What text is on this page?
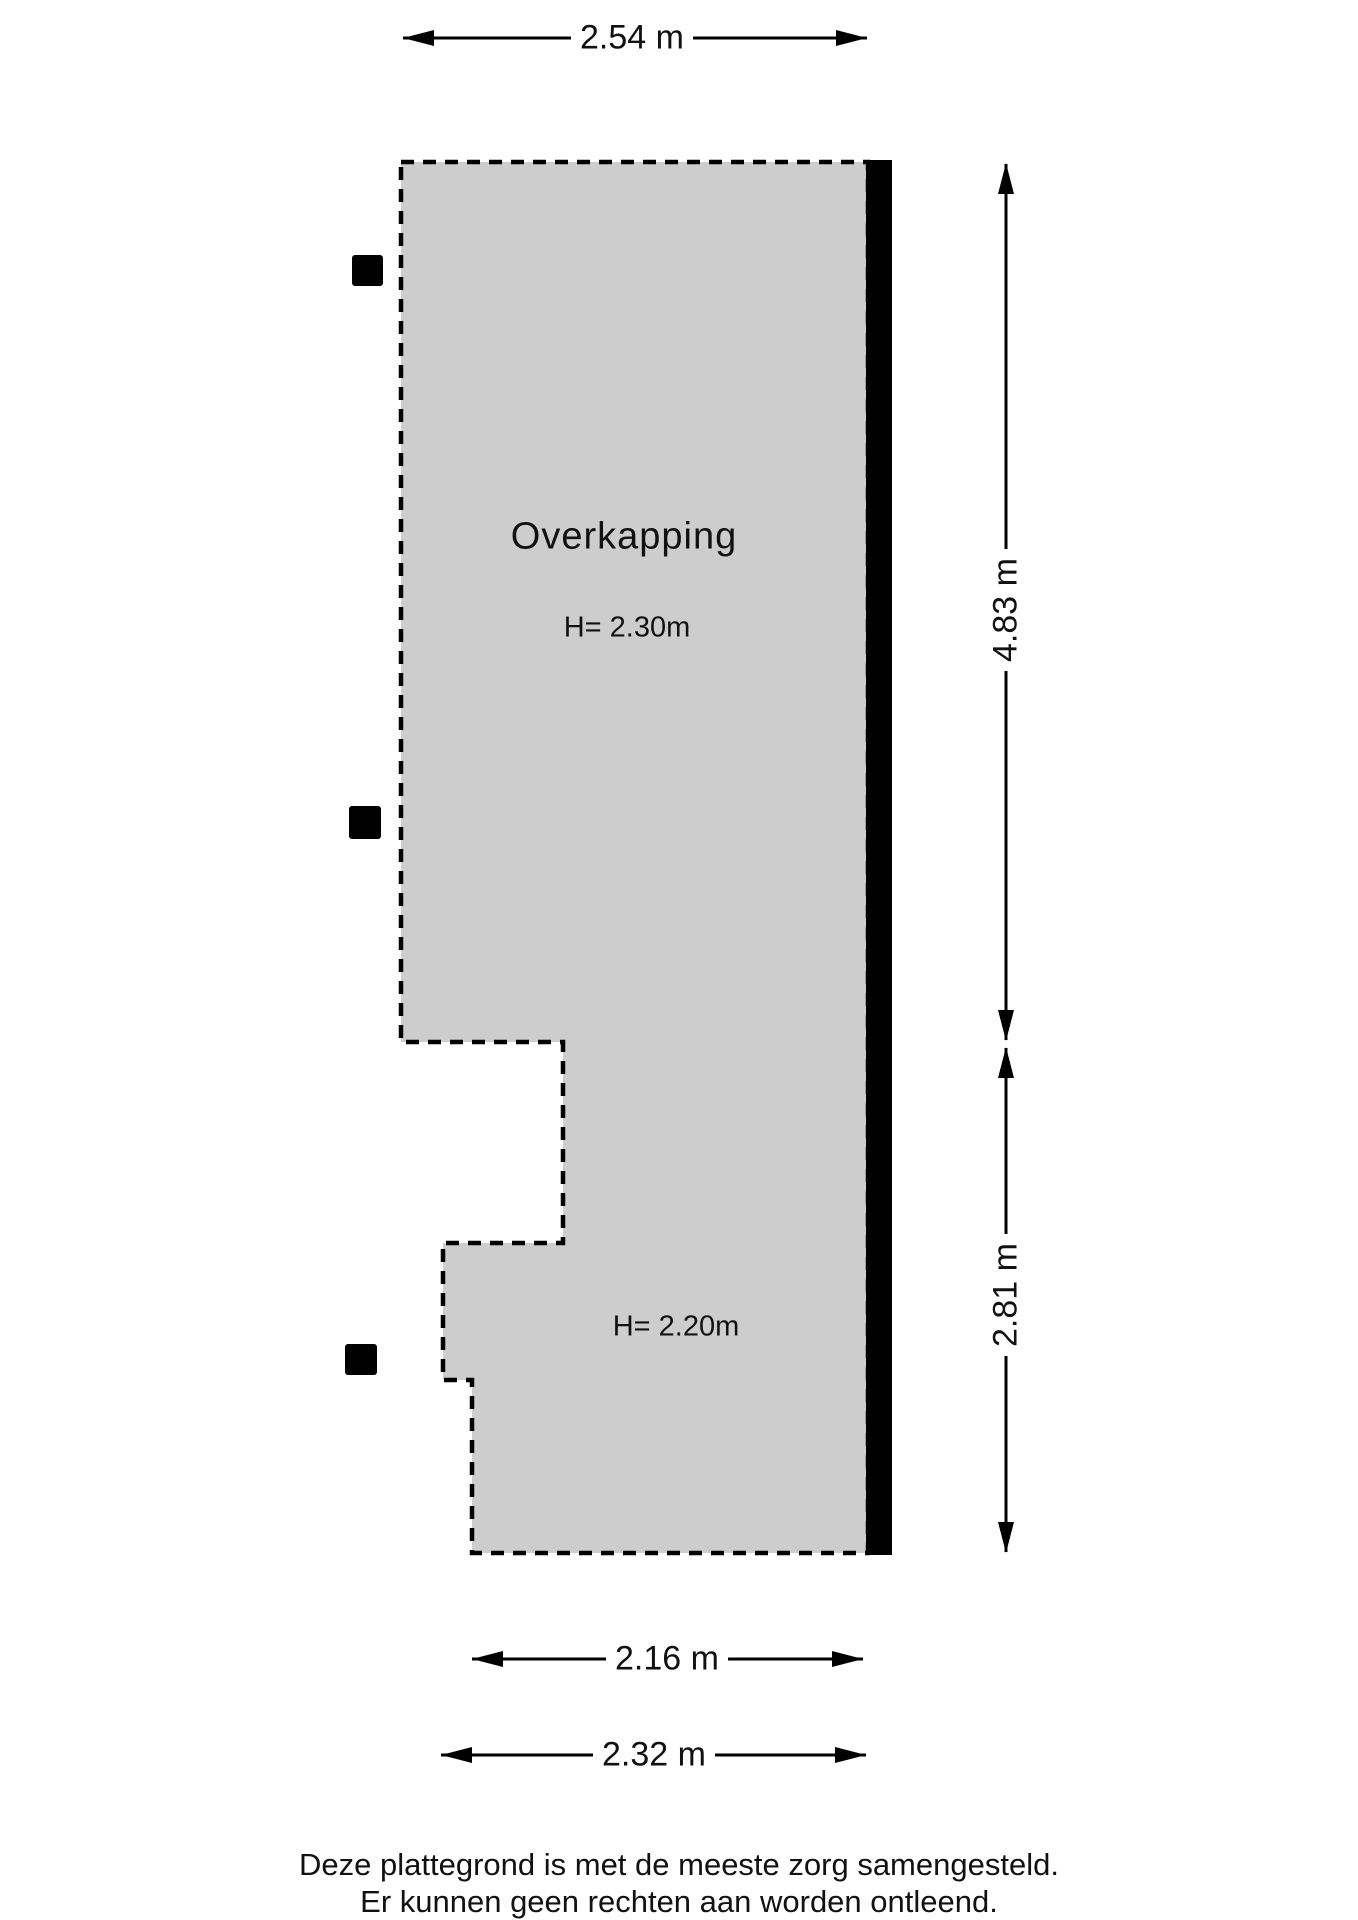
2.54 m
4.83 m
2.81 m
2.16 m
2.32 m
Overkapping
H= 2.30m
H= 2.20m
Deze plattegrond is met de meeste zorg samengesteld.
Er kunnen geen rechten aan worden ontleend.
